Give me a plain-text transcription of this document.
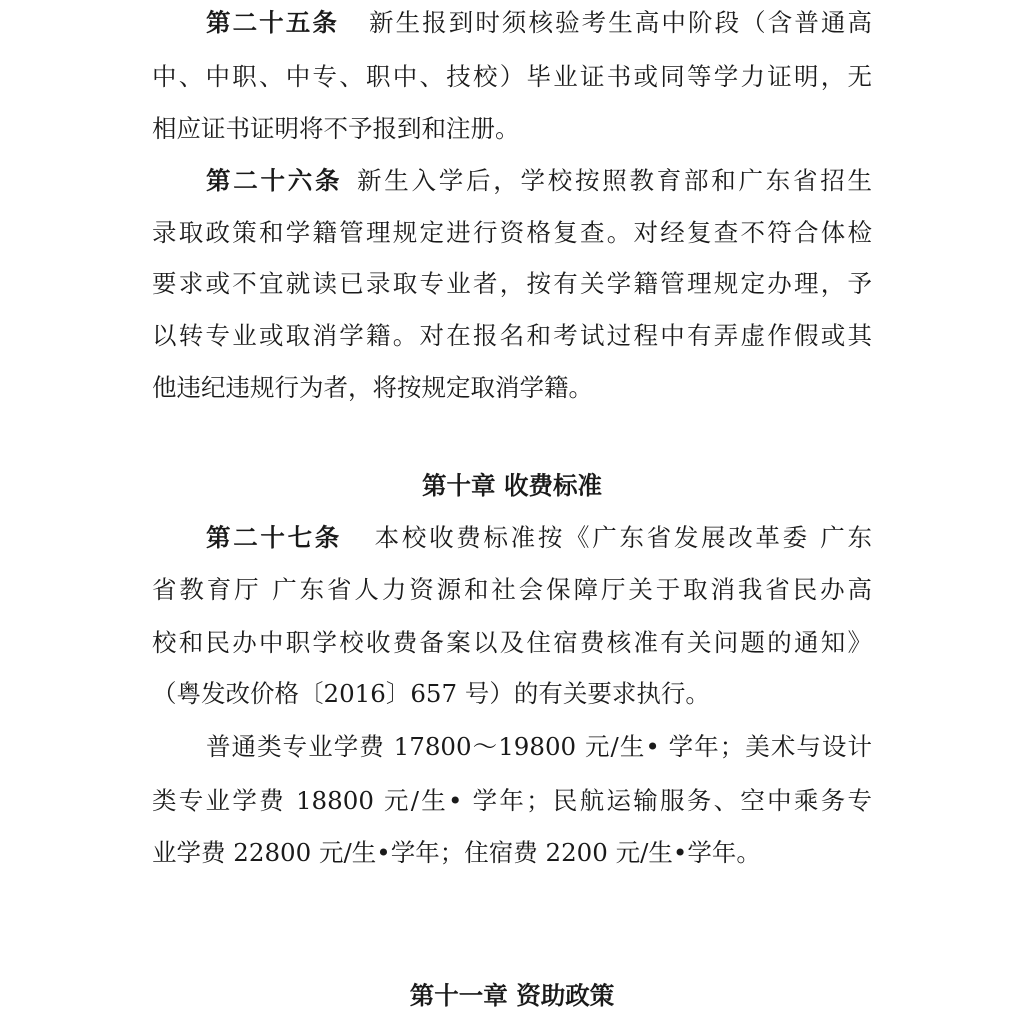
第二十五条 新生报到时须核验考生高中阶段（含普通高
中、中职、中专、职中、技校）毕业证书或同等学力证明，无
相应证书证明将不予报到和注册。
第二十六条 新生入学后，学校按照教育部和广东省招生
录取政策和学籍管理规定进行资格复查。对经复查不符合体检
要求或不宜就读已录取专业者，按有关学籍管理规定办理，予
以转专业或取消学籍。对在报名和考试过程中有弄虚作假或其
他违纪违规行为者，将按规定取消学籍。
第十章 收费标准
第二十七条 本校收费标准按《广东省发展改革委 广东
省教育厅 广东省人力资源和社会保障厅关于取消我省民办高
校和民办中职学校收费备案以及住宿费核准有关问题的通知》
（粤发改价格〔2016〕657 号）的有关要求执行。
普通类专业学费 17800～19800 元/生• 学年；美术与设计
类专业学费 18800 元/生• 学年；民航运输服务、空中乘务专
业学费 22800 元/生•学年；住宿费 2200 元/生•学年。
第十一章 资助政策
